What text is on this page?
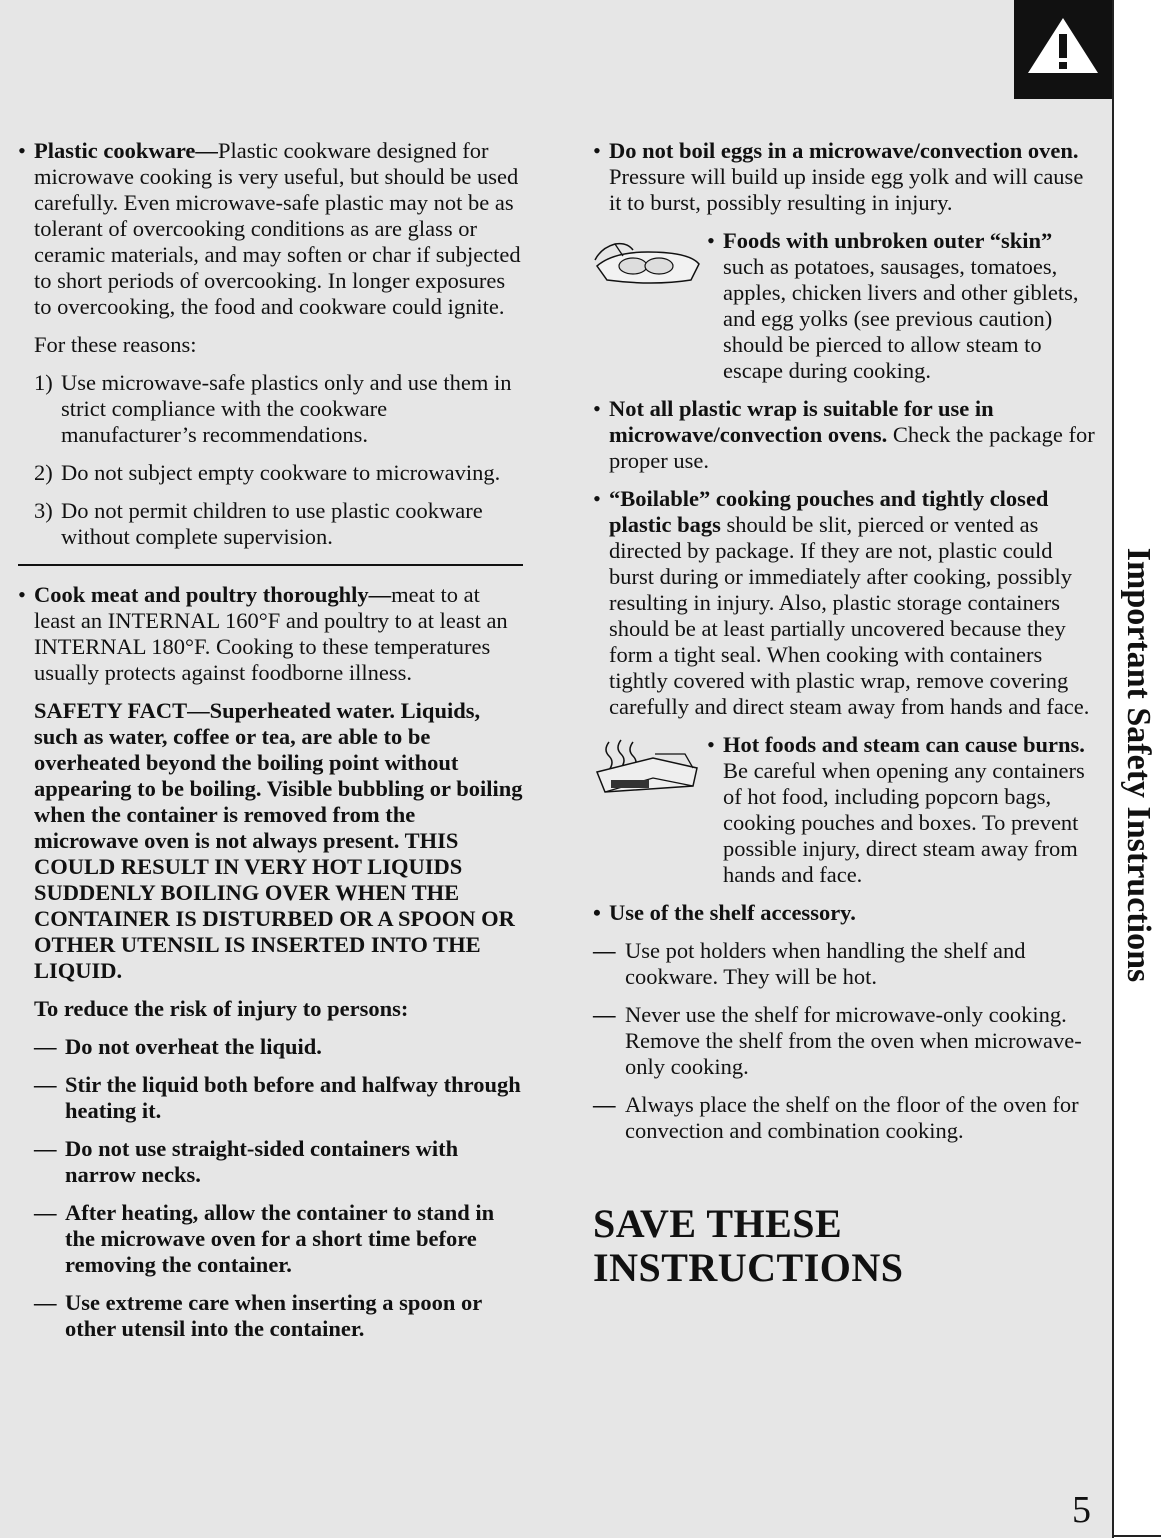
Important Safety Instructions

• Plastic cookware—Plastic cookware designed for microwave cooking is very useful, but should be used carefully. Even microwave-safe plastic may not be as tolerant of overcooking conditions as are glass or ceramic materials, and may soften or char if subjected to short periods of overcooking. In longer exposures to overcooking, the food and cookware could ignite.

For these reasons:

1) Use microwave-safe plastics only and use them in strict compliance with the cookware manufacturer’s recommendations.
2) Do not subject empty cookware to microwaving.
3) Do not permit children to use plastic cookware without complete supervision.

• Cook meat and poultry thoroughly—meat to at least an INTERNAL 160°F and poultry to at least an INTERNAL 180°F. Cooking to these temperatures usually protects against foodborne illness.

SAFETY FACT—Superheated water. Liquids, such as water, coffee or tea, are able to be overheated beyond the boiling point without appearing to be boiling. Visible bubbling or boiling when the container is removed from the microwave oven is not always present. THIS COULD RESULT IN VERY HOT LIQUIDS SUDDENLY BOILING OVER WHEN THE CONTAINER IS DISTURBED OR A SPOON OR OTHER UTENSIL IS INSERTED INTO THE LIQUID.

To reduce the risk of injury to persons:

— Do not overheat the liquid.
— Stir the liquid both before and halfway through heating it.
— Do not use straight-sided containers with narrow necks.
— After heating, allow the container to stand in the microwave oven for a short time before removing the container.
— Use extreme care when inserting a spoon or other utensil into the container.

• Do not boil eggs in a microwave/convection oven. Pressure will build up inside egg yolk and will cause it to burst, possibly resulting in injury.

• Foods with unbroken outer “skin” such as potatoes, sausages, tomatoes, apples, chicken livers and other giblets, and egg yolks (see previous caution) should be pierced to allow steam to escape during cooking.

• Not all plastic wrap is suitable for use in microwave/convection ovens. Check the package for proper use.

• “Boilable” cooking pouches and tightly closed plastic bags should be slit, pierced or vented as directed by package. If they are not, plastic could burst during or immediately after cooking, possibly resulting in injury. Also, plastic storage containers should be at least partially uncovered because they form a tight seal. When cooking with containers tightly covered with plastic wrap, remove covering carefully and direct steam away from hands and face.

• Hot foods and steam can cause burns. Be careful when opening any containers of hot food, including popcorn bags, cooking pouches and boxes. To prevent possible injury, direct steam away from hands and face.

• Use of the shelf accessory.

— Use pot holders when handling the shelf and cookware. They will be hot.
— Never use the shelf for microwave-only cooking. Remove the shelf from the oven when microwave-only cooking.
— Always place the shelf on the floor of the oven for convection and combination cooking.
SAVE THESE
INSTRUCTIONS
5
